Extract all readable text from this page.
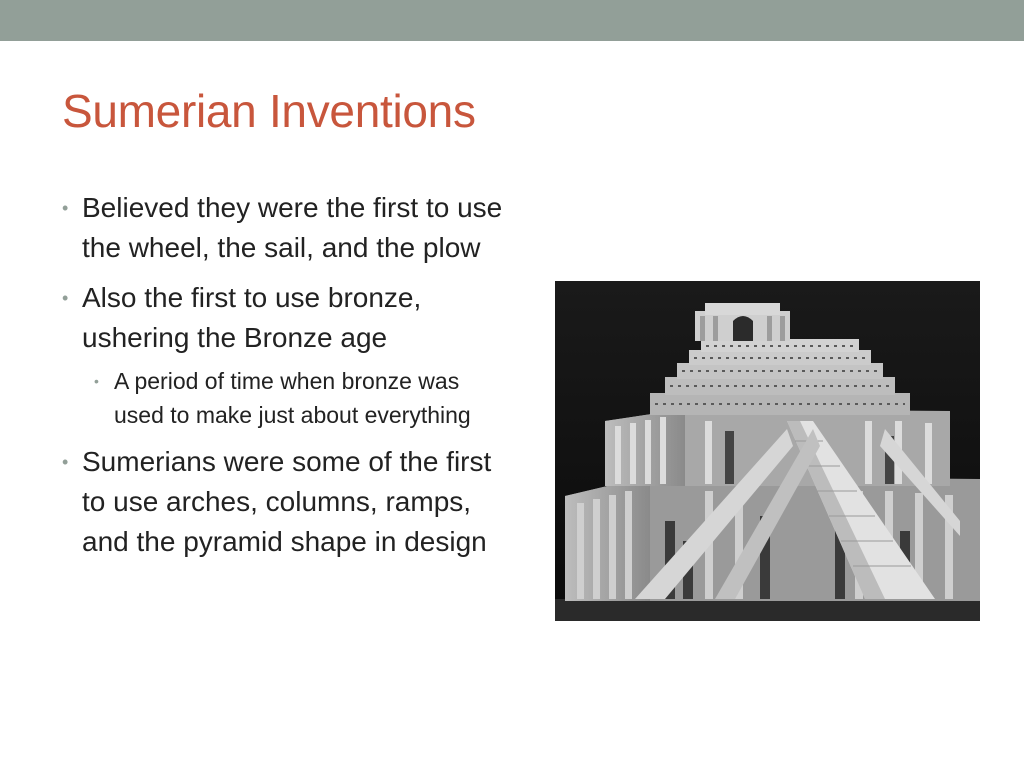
Sumerian Inventions
• Believed they were the first to use the wheel, the sail, and the plow
• Also the first to use bronze, ushering the Bronze age
• A period of time when bronze was used to make just about everything
• Sumerians were some of the first to use arches, columns, ramps, and the pyramid shape in design
